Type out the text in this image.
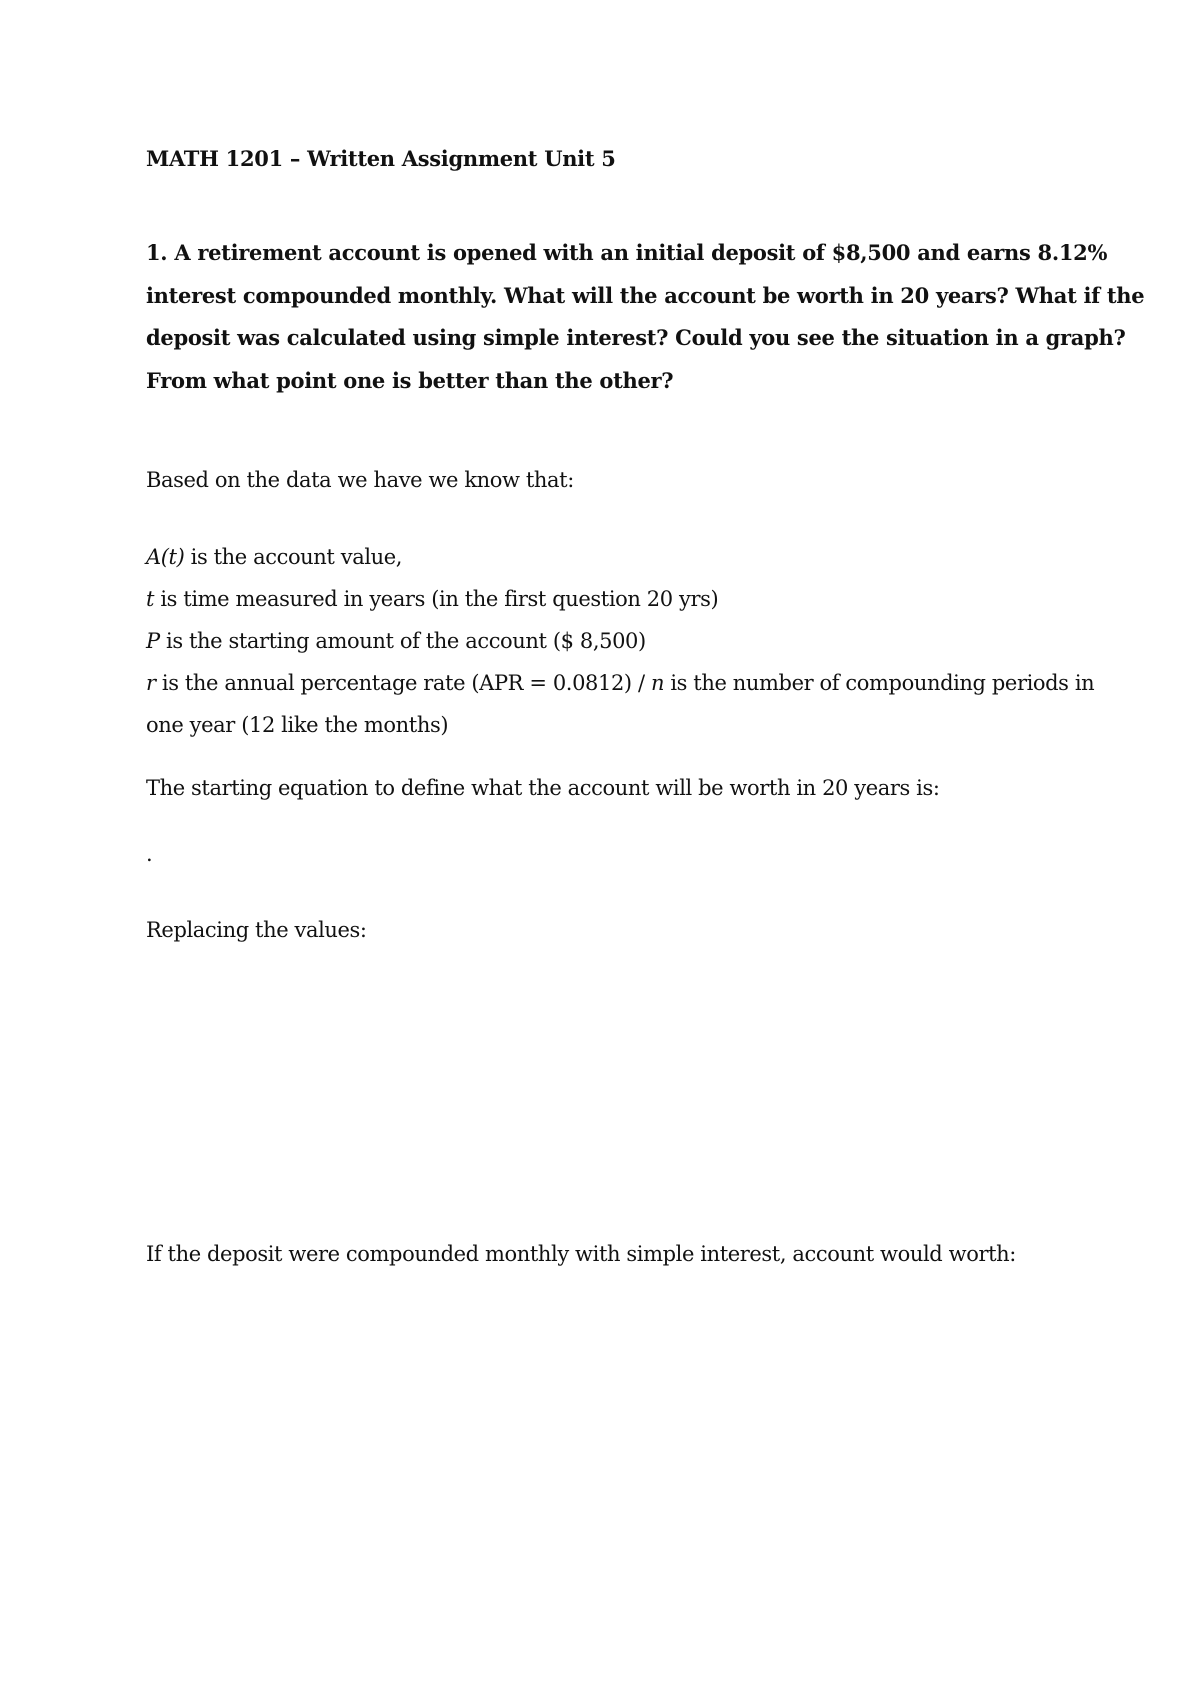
MATH 1201 – Written Assignment Unit 5
1. A retirement account is opened with an initial deposit of $8,500 and earns 8.12%
interest compounded monthly. What will the account be worth in 20 years? What if the
deposit was calculated using simple interest? Could you see the situation in a graph?
From what point one is better than the other?
Based on the data we have we know that:
A(t) is the account value,
t is time measured in years (in the first question 20 yrs)
P is the starting amount of the account ($ 8,500)
r is the annual percentage rate (APR = 0.0812) / n is the number of compounding periods in
one year (12 like the months)
The starting equation to define what the account will be worth in 20 years is:
.
Replacing the values:
If the deposit were compounded monthly with simple interest, account would worth:
